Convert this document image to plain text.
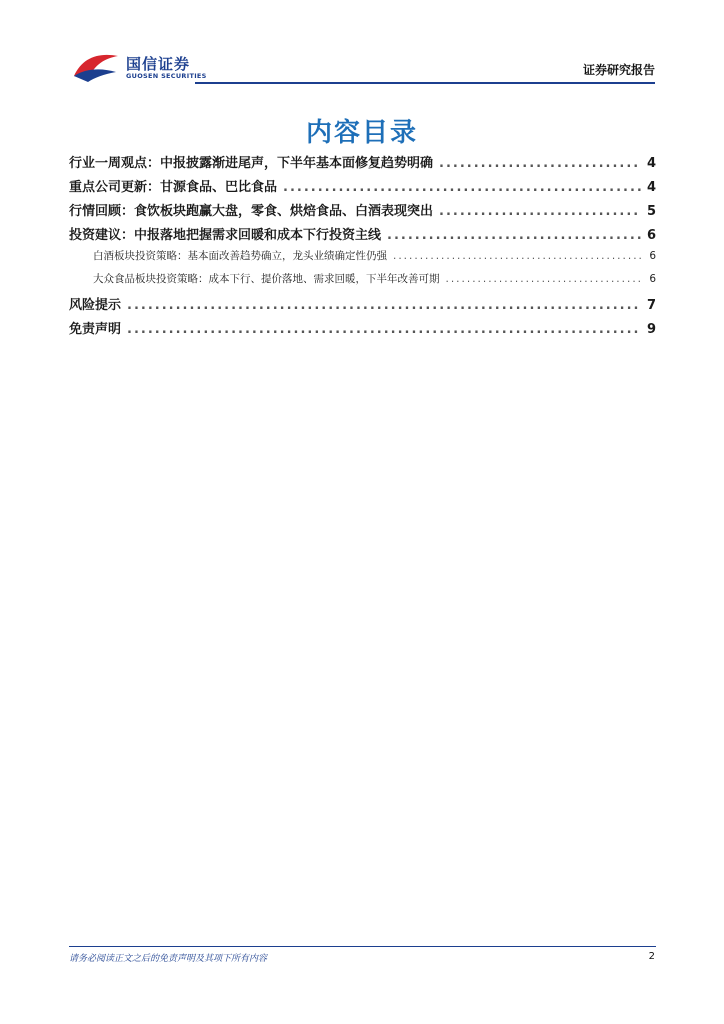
国信证券
GUOSEN SECURITIES	证券研究报告
内容目录
行业一周观点：中报披露渐进尾声，下半年基本面修复趋势明确 .....	4
重点公司更新：甘源食品、巴比食品 .....	4
行情回顾：食饮板块跑赢大盘，零食、烘焙食品、白酒表现突出 .....	5
投资建议：中报落地把握需求回暖和成本下行投资主线 .....	6
白酒板块投资策略：基本面改善趋势确立，龙头业绩确定性仍强 .....	6
大众食品板块投资策略：成本下行、提价落地、需求回暖，下半年改善可期 .....	6
风险提示 .....	7
免责声明 .....	9
请务必阅读正文之后的免责声明及其项下所有内容	2
